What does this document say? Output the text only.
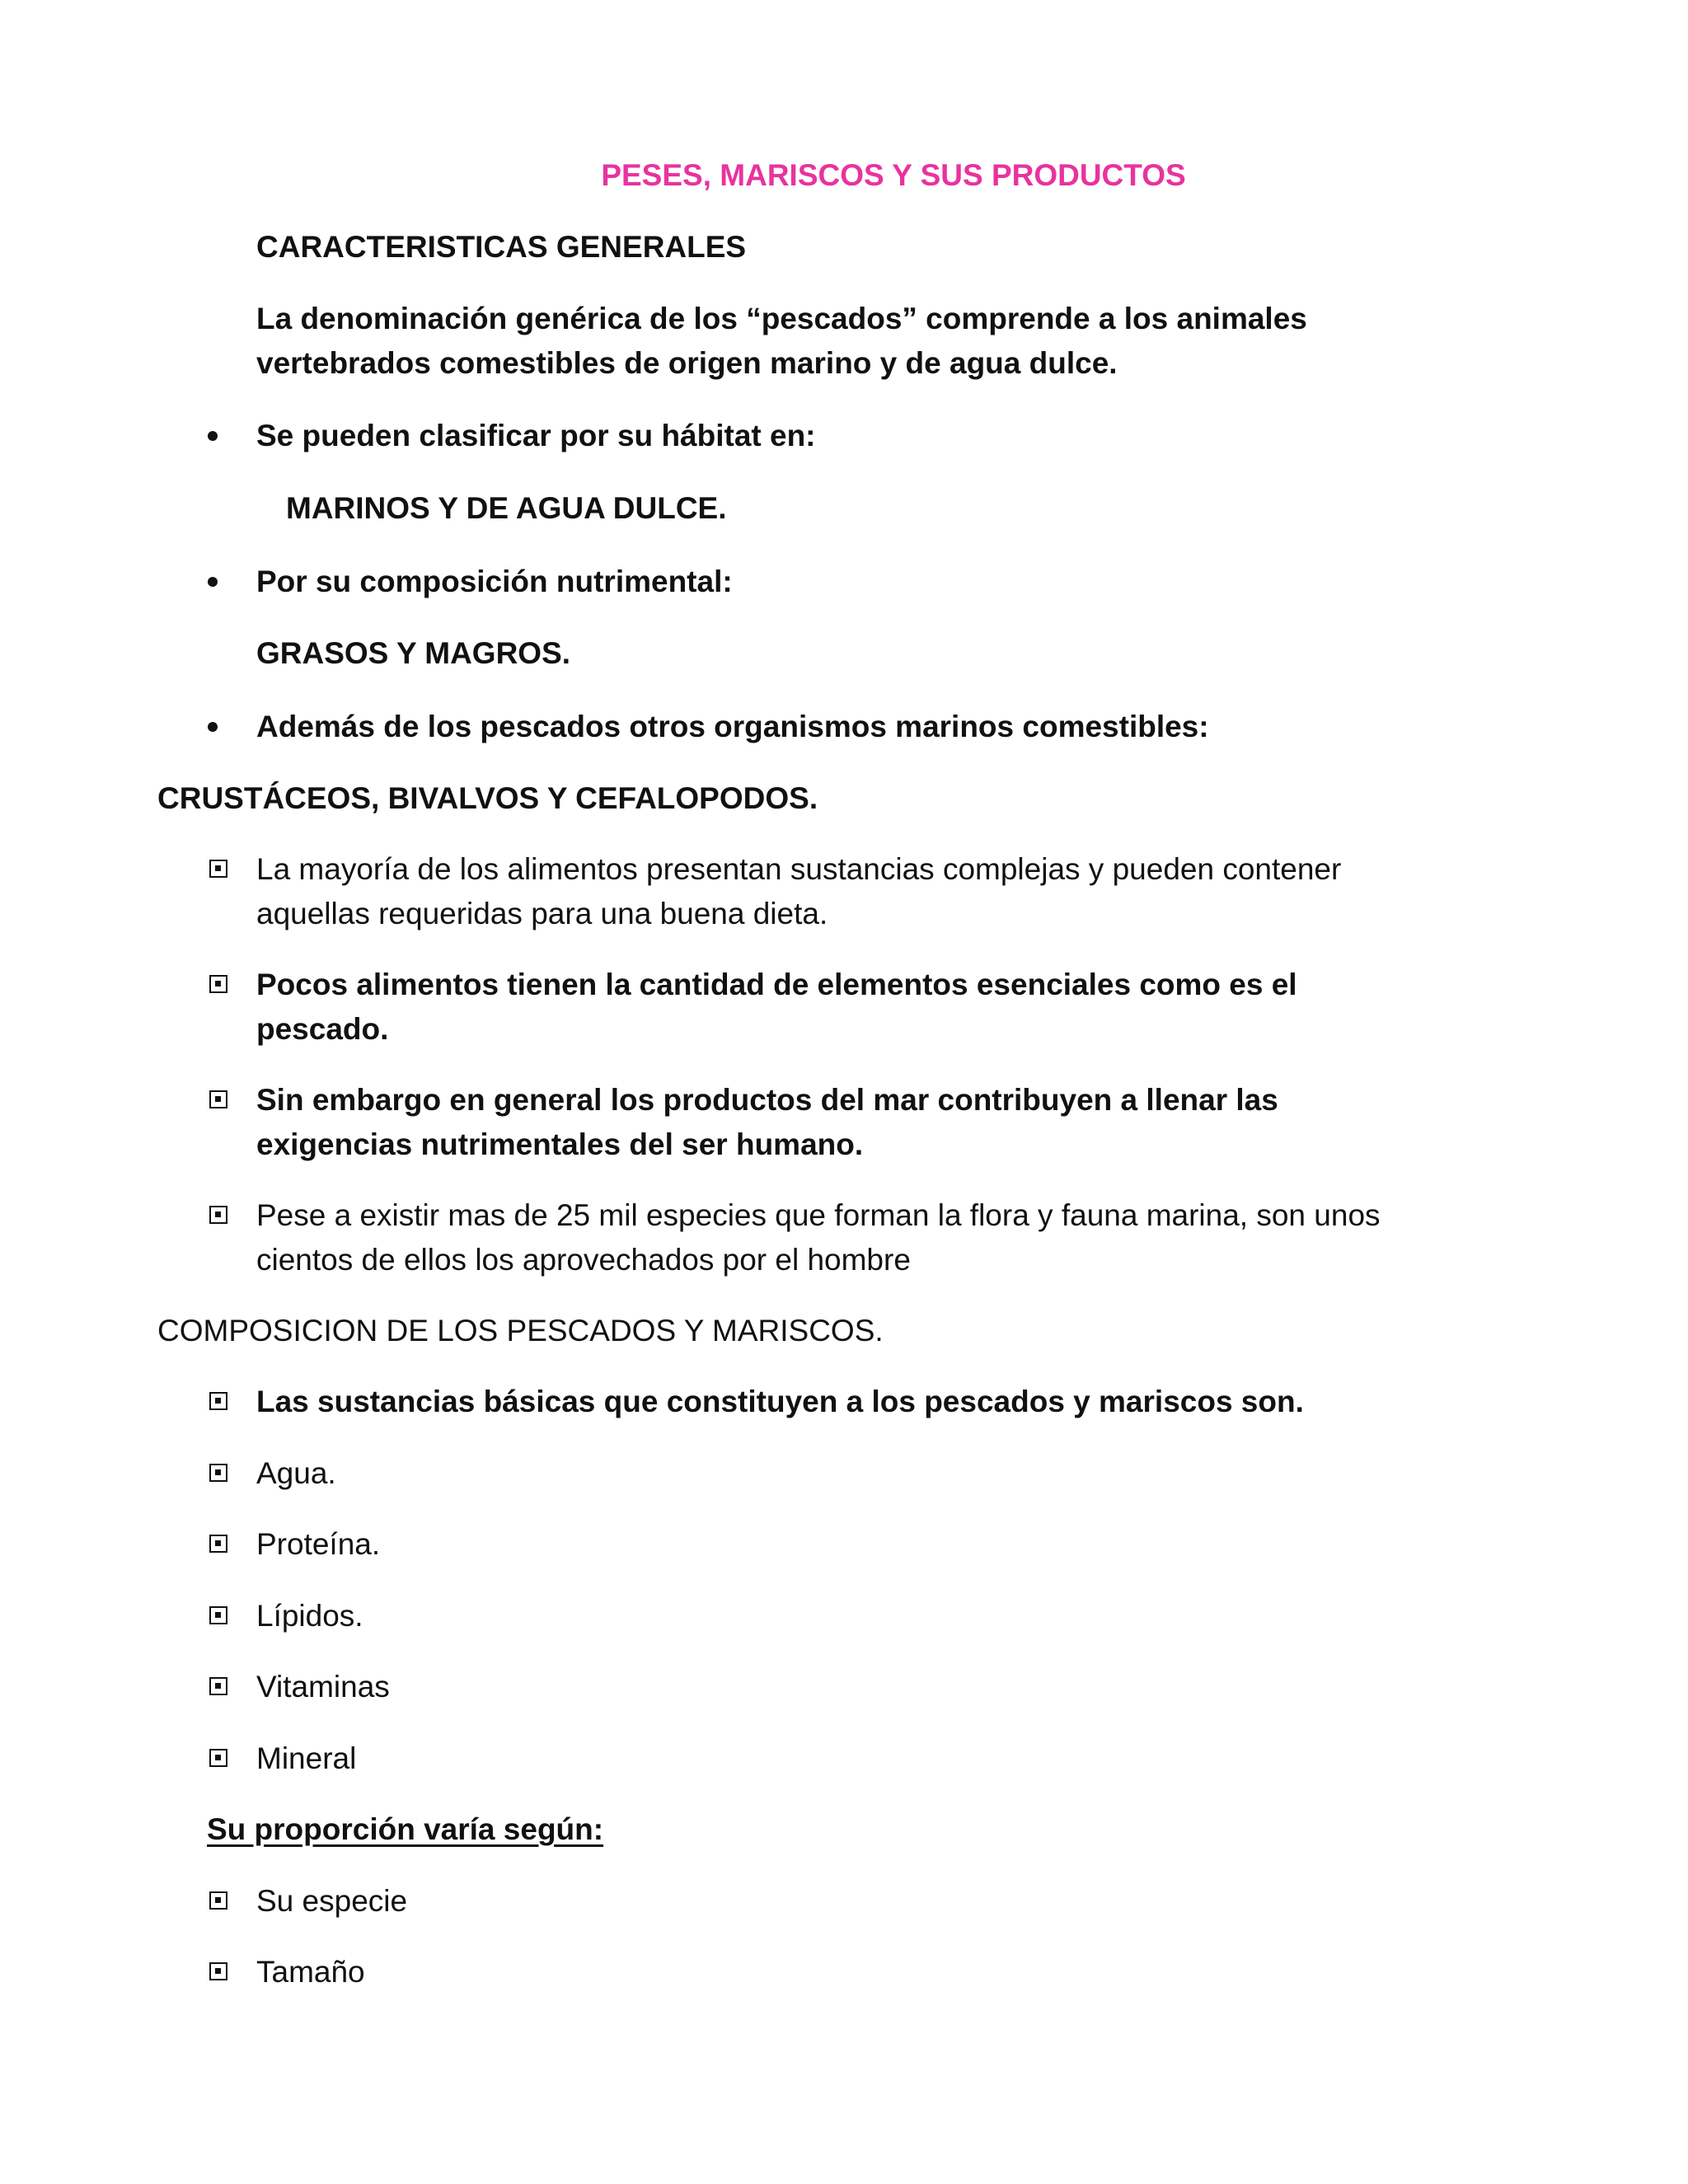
PESES, MARISCOS Y SUS PRODUCTOS
CARACTERISTICAS GENERALES
La denominación genérica de los “pescados” comprende a los animales
vertebrados comestibles de origen marino y de agua dulce.
Se pueden clasificar por su hábitat en:
MARINOS Y DE AGUA DULCE.
Por su composición nutrimental:
GRASOS Y MAGROS.
Además de los pescados otros organismos marinos comestibles:
CRUSTÁCEOS, BIVALVOS Y CEFALOPODOS.
La mayoría de los alimentos presentan sustancias complejas y pueden contener
aquellas requeridas para una buena dieta.
Pocos alimentos tienen la cantidad de elementos esenciales como es el
pescado.
Sin embargo en general los productos del mar contribuyen a llenar las
exigencias nutrimentales del ser humano.
Pese a existir mas de 25 mil especies que forman la flora y fauna marina, son unos
cientos de ellos los aprovechados por el hombre
COMPOSICION DE LOS PESCADOS Y MARISCOS.
Las sustancias básicas que constituyen a los pescados y mariscos son.
Agua.
Proteína.
Lípidos.
Vitaminas
Mineral
Su proporción varía según:
Su especie
Tamaño
